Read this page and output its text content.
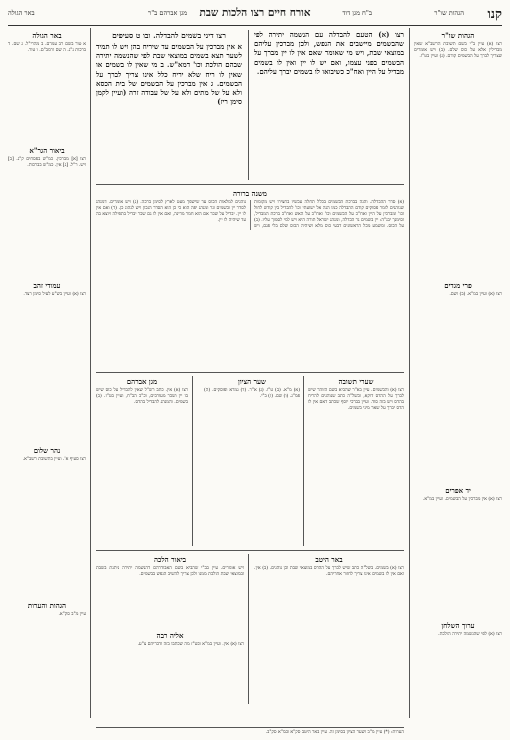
קנו
הגהות שו"ר
ב"ח מגן דוד
אורח חיים רצו הלכות שבת
מגן אברהם ב"ר
באר הגולה
הגהות שו"ר
רצו (א) עיין ב"י בשם תשובת הרשב"א שאין מבדילין אלא על כוס שלם. (ב) ויש אומרים שצריך לברך על הבשמים קודם. (ג) ועיין בט"ז.
פרי מגדים
רצו (א) ועיין במ"א. (ב) ושם.
יד אפרים
רצו (א) אין מברכין על הבשמים. ועיין במ"א.
ערוך השלחן
רצו (א) לפי שהנשמה יתירה הולכת.
באר הגולה
א טור בשם רב עמרם. ב מהרי"ל. ג שם. ד ברכות נ"ג. ה שם ורמב"ם. ו טור.
ביאור הגר"א
רצו [א] מברכין. כמ"ש בפסחים ק"ג. [ב] ויש. ר"ל. [ג] אין. כמ"ש בברכות.
עמודי זהב
רצו (א) ועיין בש"ע לעיל סימן רצד.
נהר שלום
רצו סעיף א'. ועיין בתשובת רשב"א.
הגהות והערות
עיין מ"ב סק"א.
רצו (א) הטעם להבדלה עם הנשמה יתירה לפי שהבשמים מיישבים את הנפש, ולכן מברכין עליהם במוצאי שבת, ויש מי שאומר שאם אין לו יין מברך על הבשמים בפני עצמו, ואם יש לו יין ואין לו בשמים מבדיל על היין ואח"כ כשיבואו לו בשמים יברך עליהם.
רצו דיני בשמים להבדלה. ובו ט סעיפים
א אין מברכין על הבשמים עד שיריח בהן ויש לו תמיד לשער תצא בשמים במוצאי שבת לפי שהנשמה יתירה שבהם הולכת וכו' דמא"ש. ב מי שאין לו בשמים או שאין לו ריח שלא יריח כלל אינו צריך לברך על הבשמים. ג אין מברכין על הבשמים של בית הכסא ולא על של מתים ולא על של עבודה זרה (ועיין לקמן סימן ריז)
משנה ברורה
(א) סדר ההבדלה. והנה בברכת הבשמים בכלל תחלה עכשיו בחצירו ויש מקומות שנוהגים לומר פסוקים קודם ההבדלה כמו הנה אל ישועתי וכו' להבדיל בין קודש לחול וכו' ומברכין על היין ואח"כ על הבשמים וכו' ואח"כ על האש ואח"כ ברכת המבדיל, וסימנך יבנ"ה: יין בשמים נר הבדלה, ומנהג ישראל תורה היא ויש למי לסמוך עליו. (ב) על הכוס. ומשמע מכל הראשונים דבעי כוס מלא ושיהיה הכוס שלם בלי פגם, ויש נוהגים למלאות הכוס עד שישפך מעט לארץ לסימן ברכה. (ג) ויש אומרים. דמנהג לסדר יין ובשמים ונר ומנהג יפה הוא כי כן הוא הסדר הנכון ויש לנהוג כן. (ד) ואם אין לו יין. יבדיל על שכר אם הוא חמר מדינה, ואם אין לו גם שכר יבדיל בתפילה ויוצא בה עד שיהיה לו יין.
שערי תשובה
רצו (א) והבשמים. עיין בא"ר שהביא בשם הזוהר שיש לברך על ההדס דוקא, ובשל"ה כתב שנוהגים להריח בהדס ויש בזה סוד. ועיין בברכי יוסף שכתב דאם אין לו הדס יברך על שאר מיני בשמים.
שער הציון
(א) מ"א. (ב) ט"ז. (ג) א"ר. (ד) גמרא ופוסקים. (ה) פמ"ג. (ו) שם. (ז) ב"י.
מגן אברהם
רצו (א) אין. כתב רש"ל שאין להבדיל על כוס שיש בו יין ושכר מעורבים, וכ"כ הב"ח, ועיין בט"ז. (ב) בשמים. והמנהג להבדיל בהדס.
באר היטב
רצו (א) בשמים. בשל"ה כתב שיש לברך על ההדס במוצאי שבת וכן נוהגים. (ב) אין. ואם אין לו בשמים אינו צריך לחזור אחריהם.
ביאור הלכה
ויש אומרים. עיין בב"י שהביא בשם האבודרהם דהנשמה יתירה ניתנת בשבת ובמוצאי שבת הולכת ממנו ולכן צריך להשיב הנפש בבשמים.
אליה רבה
רצו (א) אין. ועיין במ"א ובט"ז מה שכתבו בזה ודבריהם צ"ע.
הערות: (*) עיין מ"ב ושער הציון בסימן זה. עיין באר היטב סק"א ובמ"א סק"ב.
